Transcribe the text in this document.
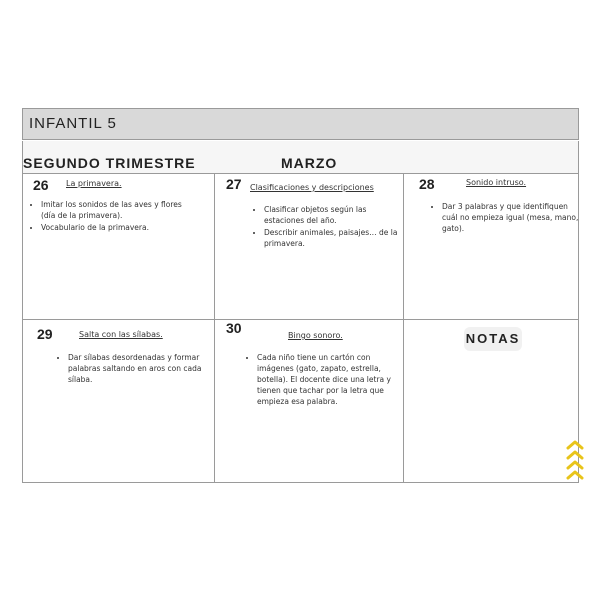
INFANTIL 5
SEGUNDO TRIMESTRE	MARZO
26 La primavera.
• Imitar los sonidos de las aves y flores (día de la primavera).
• Vocabulario de la primavera.
27 Clasificaciones y descripciones
• Clasificar objetos según las estaciones del año.
• Describir animales, paisajes… de la primavera.
28	Sonido intruso.
• Dar 3 palabras y que identifiquen cuál no empieza igual (mesa, mano, gato).
29	Salta con las sílabas.
• Dar sílabas desordenadas y formar palabras saltando en aros con cada sílaba.
30	Bingo sonoro.
• Cada niño tiene un cartón con imágenes (gato, zapato, estrella, botella). El docente dice una letra y tienen que tachar por la letra que empieza esa palabra.
NOTAS
